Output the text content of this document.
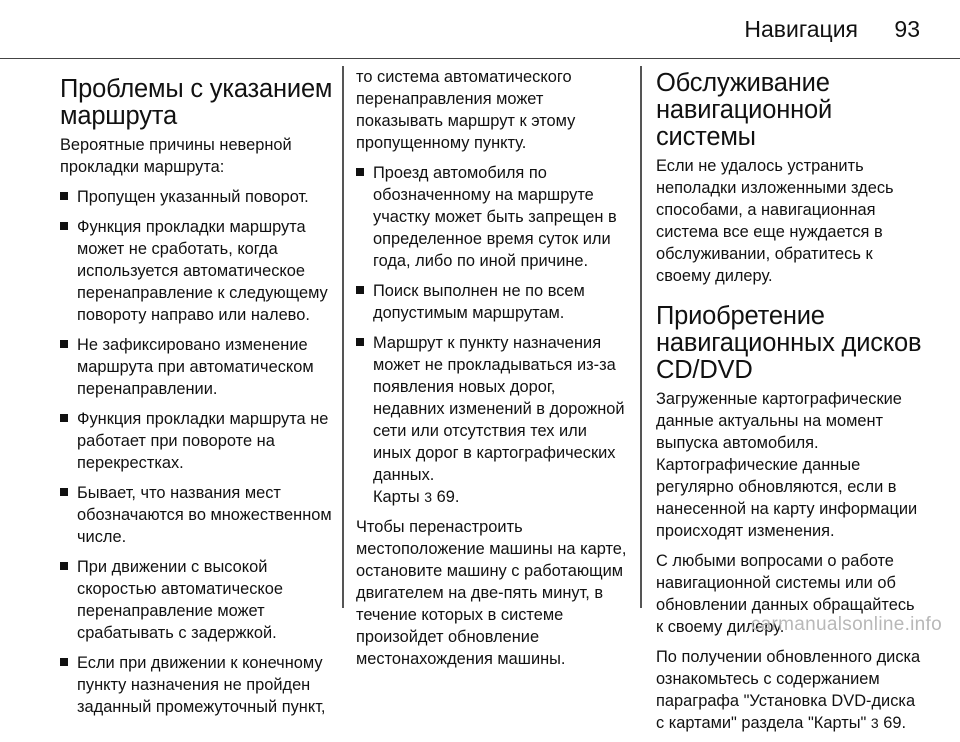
Навигация 93
Проблемы с указанием маршрута

Вероятные причины неверной прокладки маршрута:

Пропущен указанный поворот.
Функция прокладки маршрута может не сработать, когда используется автоматическое перенаправление к следующему повороту направо или налево.
Не зафиксировано изменение маршрута при автоматическом перенаправлении.
Функция прокладки маршрута не работает при повороте на перекрестках.
Бывает, что названия мест обозначаются во множественном числе.
При движении с высокой скоростью автоматическое перенаправление может срабатывать с задержкой.
Если при движении к конечному пункту назначения не пройден заданный промежуточный пункт,

то система автоматического перенаправления может показывать маршрут к этому пропущенному пункту.

Проезд автомобиля по обозначенному на маршруте участку может быть запрещен в определенное время суток или года, либо по иной причине.
Поиск выполнен не по всем допустимым маршрутам.
Маршрут к пункту назначения может не прокладываться из-за появления новых дорог, недавних изменений в дорожной сети или отсутствия тех или иных дорог в картографических данных.
Карты 3 69.

Чтобы перенастроить местоположение машины на карте, остановите машину с работающим двигателем на две-пять минут, в течение которых в системе произойдет обновление местонахождения машины.

Обслуживание навигационной системы

Если не удалось устранить неполадки изложенными здесь способами, а навигационная система все еще нуждается в обслуживании, обратитесь к своему дилеру.

Приобретение навигационных дисков CD/DVD

Загруженные картографические данные актуальны на момент выпуска автомобиля. Картографические данные регулярно обновляются, если в нанесенной на карту информации происходят изменения.

С любыми вопросами о работе навигационной системы или об обновлении данных обращайтесь к своему дилеру.

По получении обновленного диска ознакомьтесь с содержанием параграфа "Установка DVD-диска с картами" раздела "Карты" 3 69.

carmanualsonline.info
